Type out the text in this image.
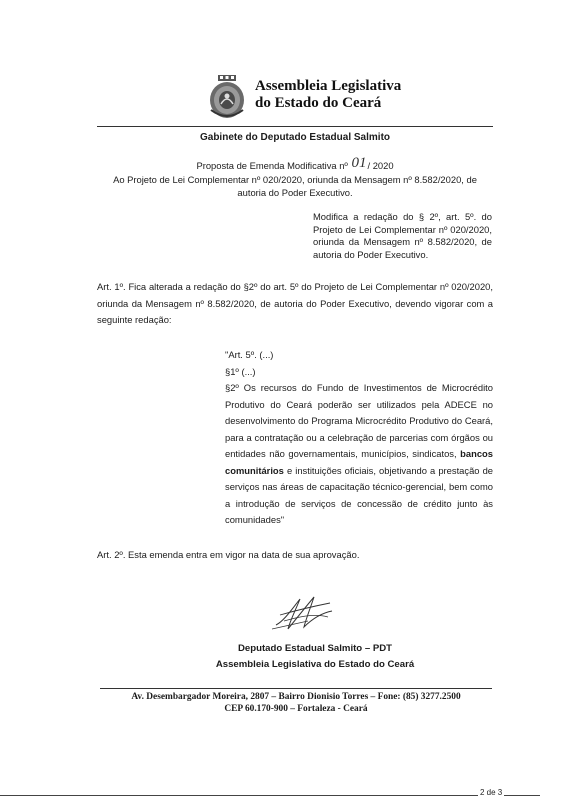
Assembleia Legislativa
do Estado do Ceará
Gabinete do Deputado Estadual Salmito
Proposta de Emenda Modificativa nº 01/ 2020
Ao Projeto de Lei Complementar nº 020/2020, oriunda da Mensagem nº 8.582/2020, de
autoria do Poder Executivo.
Modifica a redação do § 2º, art. 5º. do Projeto de Lei Complementar nº 020/2020, oriunda da Mensagem nº 8.582/2020, de autoria do Poder Executivo.
Art. 1º. Fica alterada a redação do §2º do art. 5º do Projeto de Lei Complementar nº 020/2020, oriunda da Mensagem nº 8.582/2020, de autoria do Poder Executivo, devendo vigorar com a seguinte redação:
"Art. 5º. (...)
§1º (...)
§2º Os recursos do Fundo de Investimentos de Microcrédito Produtivo do Ceará poderão ser utilizados pela ADECE no desenvolvimento do Programa Microcrédito Produtivo do Ceará, para a contratação ou a celebração de parcerias com órgãos ou entidades não governamentais, municípios, sindicatos, bancos comunitários e instituições oficiais, objetivando a prestação de serviços nas áreas de capacitação técnico-gerencial, bem como a introdução de serviços de concessão de crédito junto às comunidades"
Art. 2º. Esta emenda entra em vigor na data de sua aprovação.
Deputado Estadual Salmito – PDT
Assembleia Legislativa do Estado do Ceará
Av. Desembargador Moreira, 2807 – Bairro Dionisio Torres – Fone: (85) 3277.2500
CEP 60.170-900 – Fortaleza - Ceará
2 de 3
